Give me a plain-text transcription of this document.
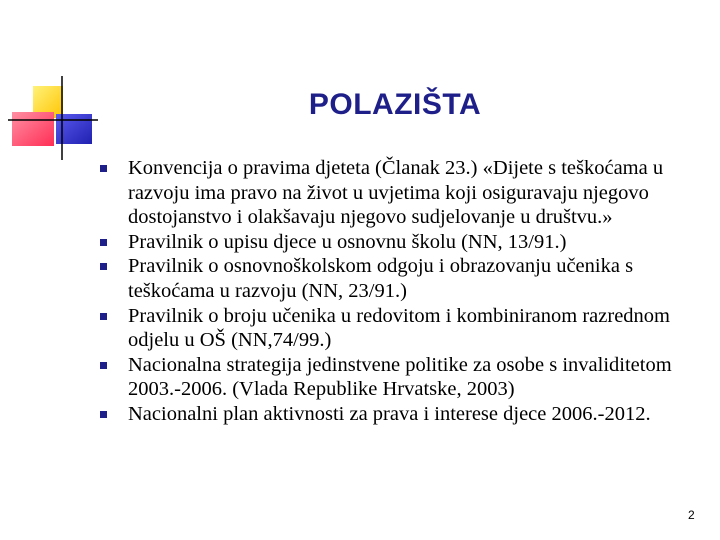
POLAZIŠTA
Konvencija o pravima djeteta (Članak 23.) «Dijete s teškoćama u razvoju ima pravo na život u uvjetima koji osiguravaju njegovo dostojanstvo i olakšavaju njegovo sudjelovanje u društvu.»
Pravilnik o upisu djece u osnovnu školu (NN, 13/91.)
Pravilnik o osnovnoškolskom odgoju i obrazovanju učenika s teškoćama u razvoju (NN, 23/91.)
Pravilnik o broju učenika u redovitom i kombiniranom razrednom odjelu u OŠ (NN,74/99.)
Nacionalna strategija jedinstvene politike za osobe s invaliditetom 2003.-2006. (Vlada Republike Hrvatske, 2003)
Nacionalni plan aktivnosti za prava i interese djece 2006.-2012.
2
